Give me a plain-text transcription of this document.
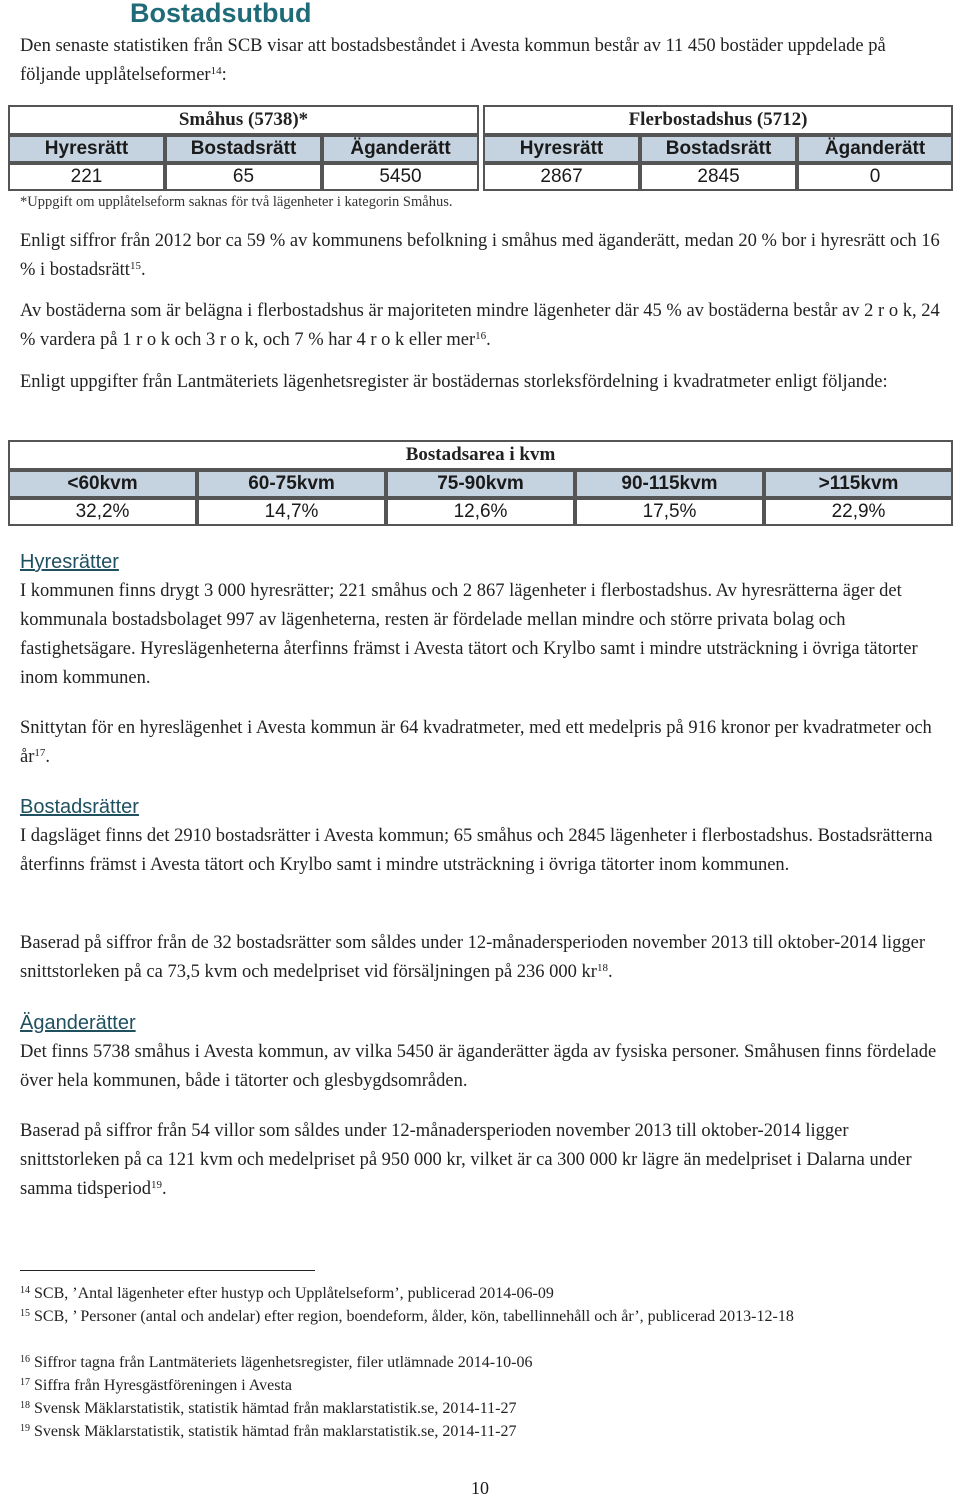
Bostadsutbud

Den senaste statistiken från SCB visar att bostadsbeståndet i Avesta kommun består av 11 450 bostäder uppdelade på följande upplåtelseformer$^{14}$:

Småhus (5738)*				Flerbostadshus (5712)		
Hyresrätt	Bostadsrätt	Äganderätt		Hyresrätt	Bostadsrätt	Äganderätt
221	65	5450		2867	2845	0

*Uppgift om upplåtelseform saknas för två lägenheter i kategorin Småhus.

Enligt siffror från 2012 bor ca 59 % av kommunens befolkning i småhus med äganderätt, medan 20 % bor i hyresrätt och 16 % i bostadsrätt$^{15}$.

Av bostäderna som är belägna i flerbostadshus är majoriteten mindre lägenheter där 45 % av bostäderna består av 2 r o k, 24 % vardera på 1 r o k och 3 r o k, och 7 % har 4 r o k eller mer$^{16}$.

Enligt uppgifter från Lantmäteriets lägenhetsregister är bostädernas storleksfördelning i kvadratmeter enligt följande:

Bostadsarea i kvm				
<60kvm	60-75kvm	75-90kvm	90-115kvm	>115kvm
32,2%	14,7%	12,6%	17,5%	22,9%
Hyresrätter

I kommunen finns drygt 3 000 hyresrätter; 221 småhus och 2 867 lägenheter i flerbostadshus. Av hyresrätterna äger det kommunala bostadsbolaget 997 av lägenheterna, resten är fördelade mellan mindre och större privata bolag och fastighetsägare. Hyreslägenheterna återfinns främst i Avesta tätort och Krylbo samt i mindre utsträckning i övriga tätorter inom kommunen.

Snittytan för en hyreslägenhet i Avesta kommun är 64 kvadratmeter, med ett medelpris på 916 kronor per kvadratmeter och $år^{17}$.

Bostadsrätter

I dagsläget finns det 2910 bostadsrätter i Avesta kommun; 65 småhus och 2845 lägenheter i flerbostadshus. Bostadsrätterna återfinns främst i Avesta tätort och Krylbo samt i mindre utsträckning i övriga tätorter inom kommunen.

Baserad på siffror från de 32 bostadsrätter som såldes under 12-månadersperioden november 2013 till oktober-2014 ligger snittstorleken på ca 73,5 kvm och medelpriset vid försäljningen på 236 000 $kr^{18}$.

Äganderätter

Det finns 5738 småhus i Avesta kommun, av vilka 5450 är äganderätter ägda av fysiska personer. Småhusen finns fördelade över hela kommunen, både i tätorter och glesbygdsområden.

Baserad på siffror från 54 villor som såldes under 12-månadersperioden november 2013 till oktober-2014 ligger snittstorleken på ca 121 kvm och medelpriset på 950 000 kr, vilket är ca 300 000 kr lägre än medelpriset i Dalarna under samma tidsperiod$^{19}$.

$^{14}$ SCB, ’Antal lägenheter efter hustyp och Upplåtelseform’, publicerad 2014-06-09

$^{15}$ SCB, ’ Personer (antal och andelar) efter region, boendeform, ålder, kön, tabellinnehåll och år’, publicerad 2013-12-18

$^{16}$ Siffror tagna från Lantmäteriets lägenhetsregister, filer utlämnade 2014-10-06

$^{17}$ Siffra från Hyresgästföreningen i Avesta

$^{18}$ Svensk Mäklarstatistik, statistik hämtad från maklarstatistik.se, 2014-11-27

$^{19}$ Svensk Mäklarstatistik, statistik hämtad från maklarstatistik.se, 2014-11-27

10
